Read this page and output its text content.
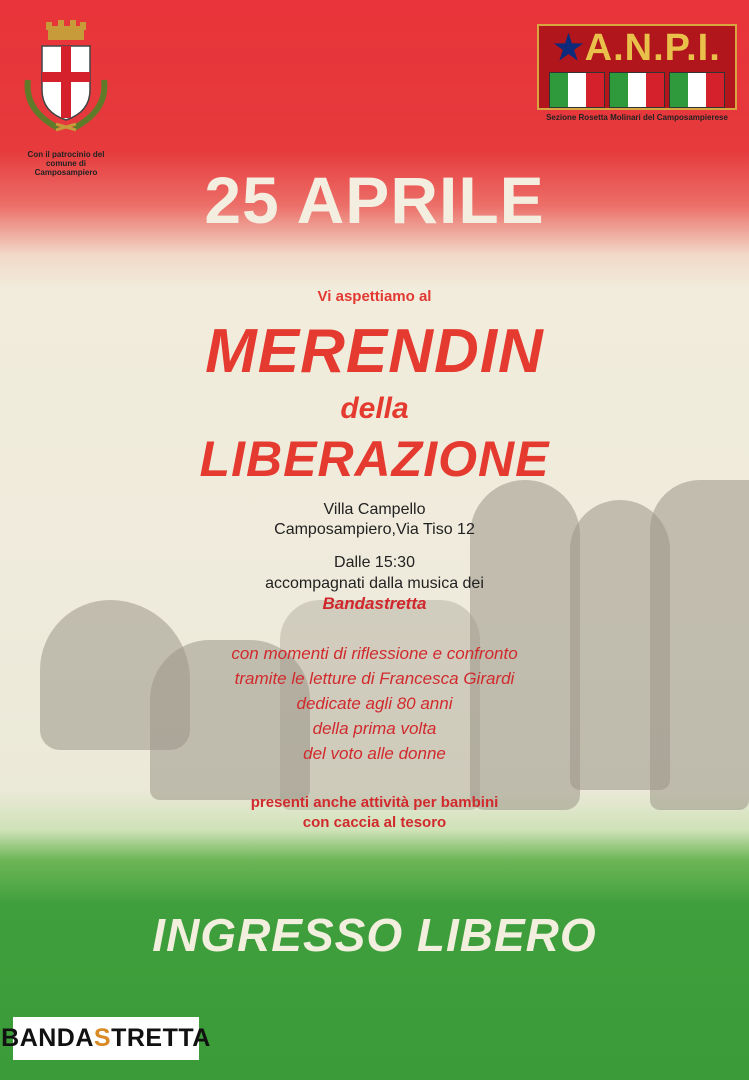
Con il patrocinio del comune di Camposampiero
★A.N.P.I.
Sezione Rosetta Molinari del Camposampierese
25 APRILE
Vi aspettiamo al
MERENDIN
della
LIBERAZIONE
Villa Campello
Camposampiero,Via Tiso 12
Dalle 15:30
accompagnati dalla musica dei
Bandastretta
con momenti di riflessione e confronto
tramite le letture di Francesca Girardi
dedicate agli 80 anni
della prima volta
del voto alle donne
presenti anche attività per bambini
con caccia al tesoro
INGRESSO LIBERO
BANDASTRETTA
